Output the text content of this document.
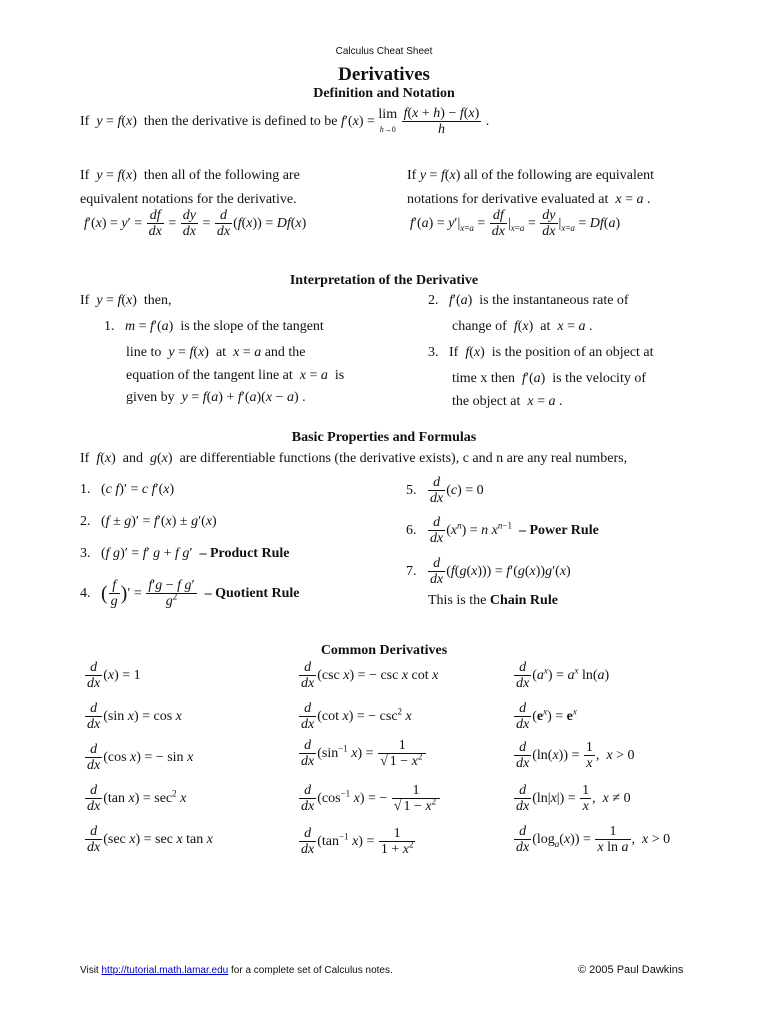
Calculus Cheat Sheet
Derivatives
Definition and Notation
If  y = f(x)  then the derivative is defined to be f′(x) = lim
$h\to 0 \frac{f(x + h) - f(x)}{h}$ .
If  y = f(x)  then all of the following are
equivalent notations for the derivative.
$f'(x) = y' = \frac{df}{dx} = \frac{dy}{dx} = \frac{d}{dx} (f(x)) = Df(x)$
If y = f(x) all of the following are equivalent
notations for derivative evaluated at x = a .
$f'(a) = y'|_{x=a} = \frac{df}{dx} |_{x=a} = \frac{dy}{dx} |_{x=a} = Df(a)$
Interpretation of the Derivative
If  y = f(x)  then,
1.   m = f′(a)  is the slope of the tangent
line to y = f(x)  at  x = a and the
equation of the tangent line at x = a is
given by y = f(a) + f′(a)(x − a) .
2.   f′(a)  is the instantaneous rate of
change of f(x)  at  x = a .
3.   If  f(x)  is the position of an object at
time x then f′(a)  is the velocity of
the object at x = a .
Basic Properties and Formulas
If  f(x)  and  g(x)  are differentiable functions (the derivative exists), c and n are any real numbers,
1.   (c f)′ = c f′(x)
2.   (f ± g)′ = f′(x) ± g′(x)
3.   (f g)′ = f′ g + f g′  – Product Rule
4.   ( $\frac{f}{g}$ )′ = $\frac{\text{f′g − f g′}}{g^2}$ – Quotient Rule
5. $\frac{d}{dx} (c) = 0$
6. $\frac{d}{dx} (x^n) = n$ $x^{n-1}$ – Power Rule
7. $\frac{d}{dx} (f(g(x))) = f'(g(x))g'(x)$
This is the Chain Rule
Common Derivatives
$\frac{d}{dx} (x) = 1$
$\frac{d}{dx} (\sin$ x) = cos x
$\frac{d}{dx} (\cos$ x) = − sin x
$\frac{d}{dx} (\tan$ $x) = \sec^2 x$
$\frac{d}{dx} (\sec$ x) = sec x tan x
$\frac{d}{dx} (\csc$ x) = − csc x cot x
$\frac{d}{dx} (\cot$ x) = − $\csc^2 x$
$\frac{d}{dx} (\sin^{-1}$ $x) = \frac{1}{√ 1 - x^2}$
$\frac{d}{dx} (\cos^{-1}$ x) = − $\frac{1}{√ 1 - x^2}$
$\frac{d}{dx} (\tan^{-1}$ $x) = \frac{1}{1 + x^2}$
$\frac{d}{dx} (a^x) = a^x$ ln(a)
$\frac{d}{dx} (e^x) = e^x$
$\frac{d}{dx} (\ln(x)) = \frac{1}{x}$ ,  x > 0
$\frac{d}{dx} (\ln|x|) = \frac{1}{x}$ ,  x ≠ 0
$\frac{d}{dx} (\log_a(x)) = \frac{1}{\text{x ln a}}$ ,  x > 0
Visit http://tutorial.math.lamar.edu for a complete set of Calculus notes.	© 2005 Paul Dawkins
